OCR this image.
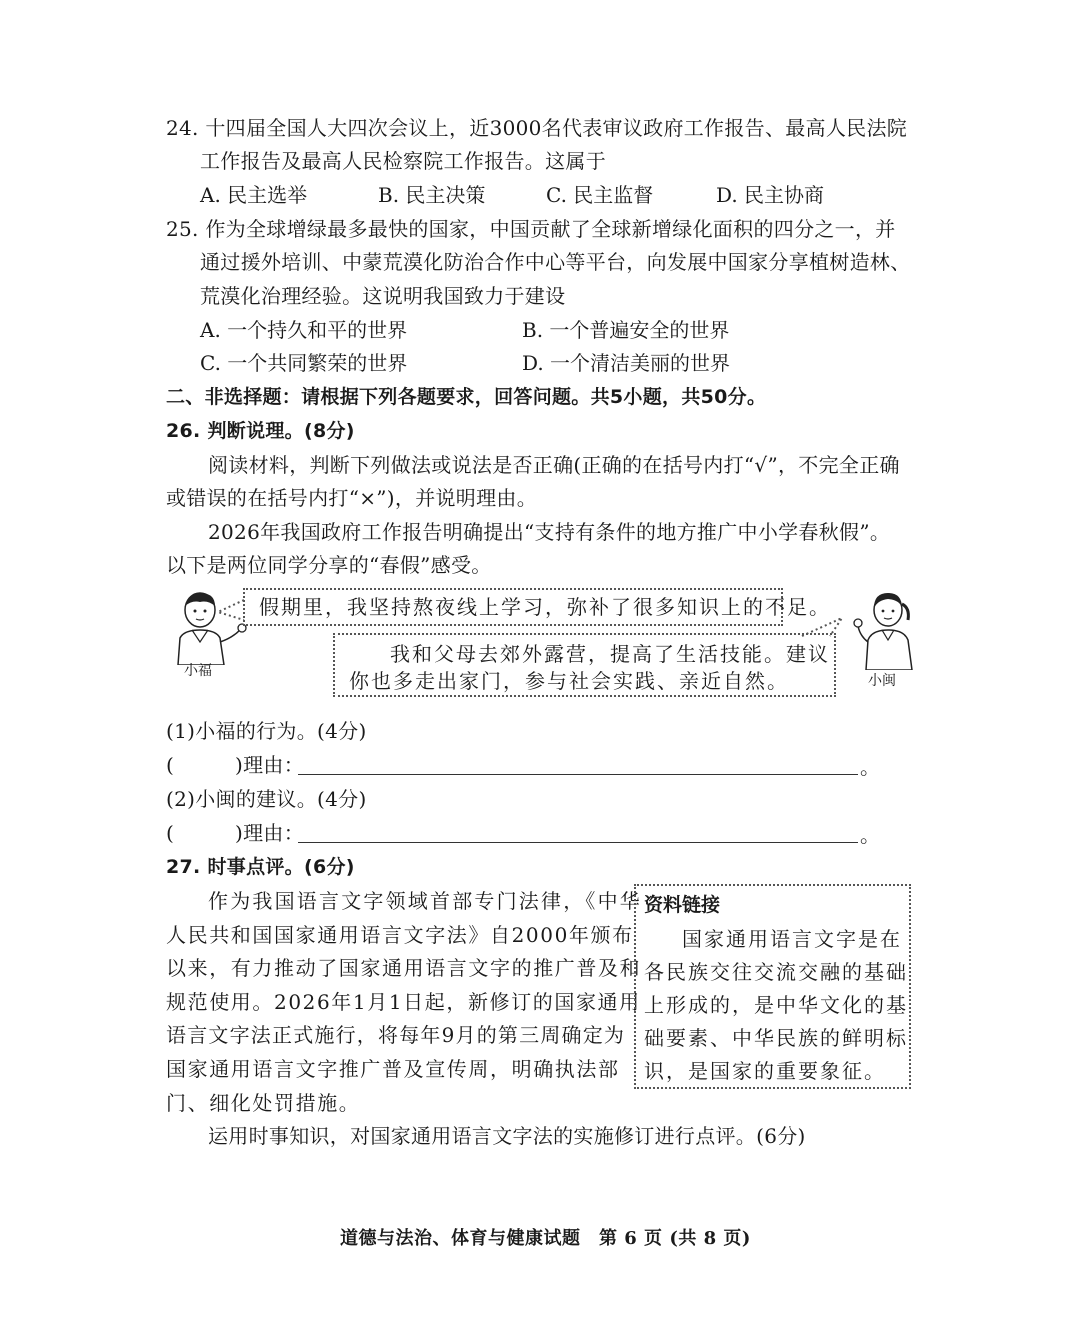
24. 十四届全国人大四次会议上，近3000名代表审议政府工作报告、最高人民法院
工作报告及最高人民检察院工作报告。这属于
A. 民主选举	B. 民主决策	C. 民主监督	D. 民主协商
25. 作为全球增绿最多最快的国家，中国贡献了全球新增绿化面积的四分之一，并
通过援外培训、中蒙荒漠化防治合作中心等平台，向发展中国家分享植树造林、
荒漠化治理经验。这说明我国致力于建设
A. 一个持久和平的世界	B. 一个普遍安全的世界
C. 一个共同繁荣的世界	D. 一个清洁美丽的世界
二、非选择题：请根据下列各题要求，回答问题。共5小题，共50分。
26. 判断说理。(8分)
阅读材料，判断下列做法或说法是否正确(正确的在括号内打“√”，不完全正确
或错误的在括号内打“×”)，并说明理由。
2026年我国政府工作报告明确提出“支持有条件的地方推广中小学春秋假”。
以下是两位同学分享的“春假”感受。
小福
假期里，我坚持熬夜线上学习，弥补了很多知识上的不足。
我和父母去郊外露营，提高了生活技能。建议
你也多走出家门，参与社会实践、亲近自然。	小闽
(1)小福的行为。(4分)
(　　　)理由：	。
(2)小闽的建议。(4分)
(　　　)理由：	。
27. 时事点评。(6分)
作为我国语言文字领域首部专门法律，《中华
人民共和国国家通用语言文字法》自2000年颁布
以来，有力推动了国家通用语言文字的推广普及和
规范使用。2026年1月1日起，新修订的国家通用
语言文字法正式施行，将每年9月的第三周确定为
国家通用语言文字推广普及宣传周，明确执法部
门、细化处罚措施。
资料链接
国家通用语言文字是在
各民族交往交流交融的基础
上形成的，是中华文化的基
础要素、中华民族的鲜明标
识，是国家的重要象征。
运用时事知识，对国家通用语言文字法的实施修订进行点评。(6分)
道德与法治、体育与健康试题　第 6 页 (共 8 页)
